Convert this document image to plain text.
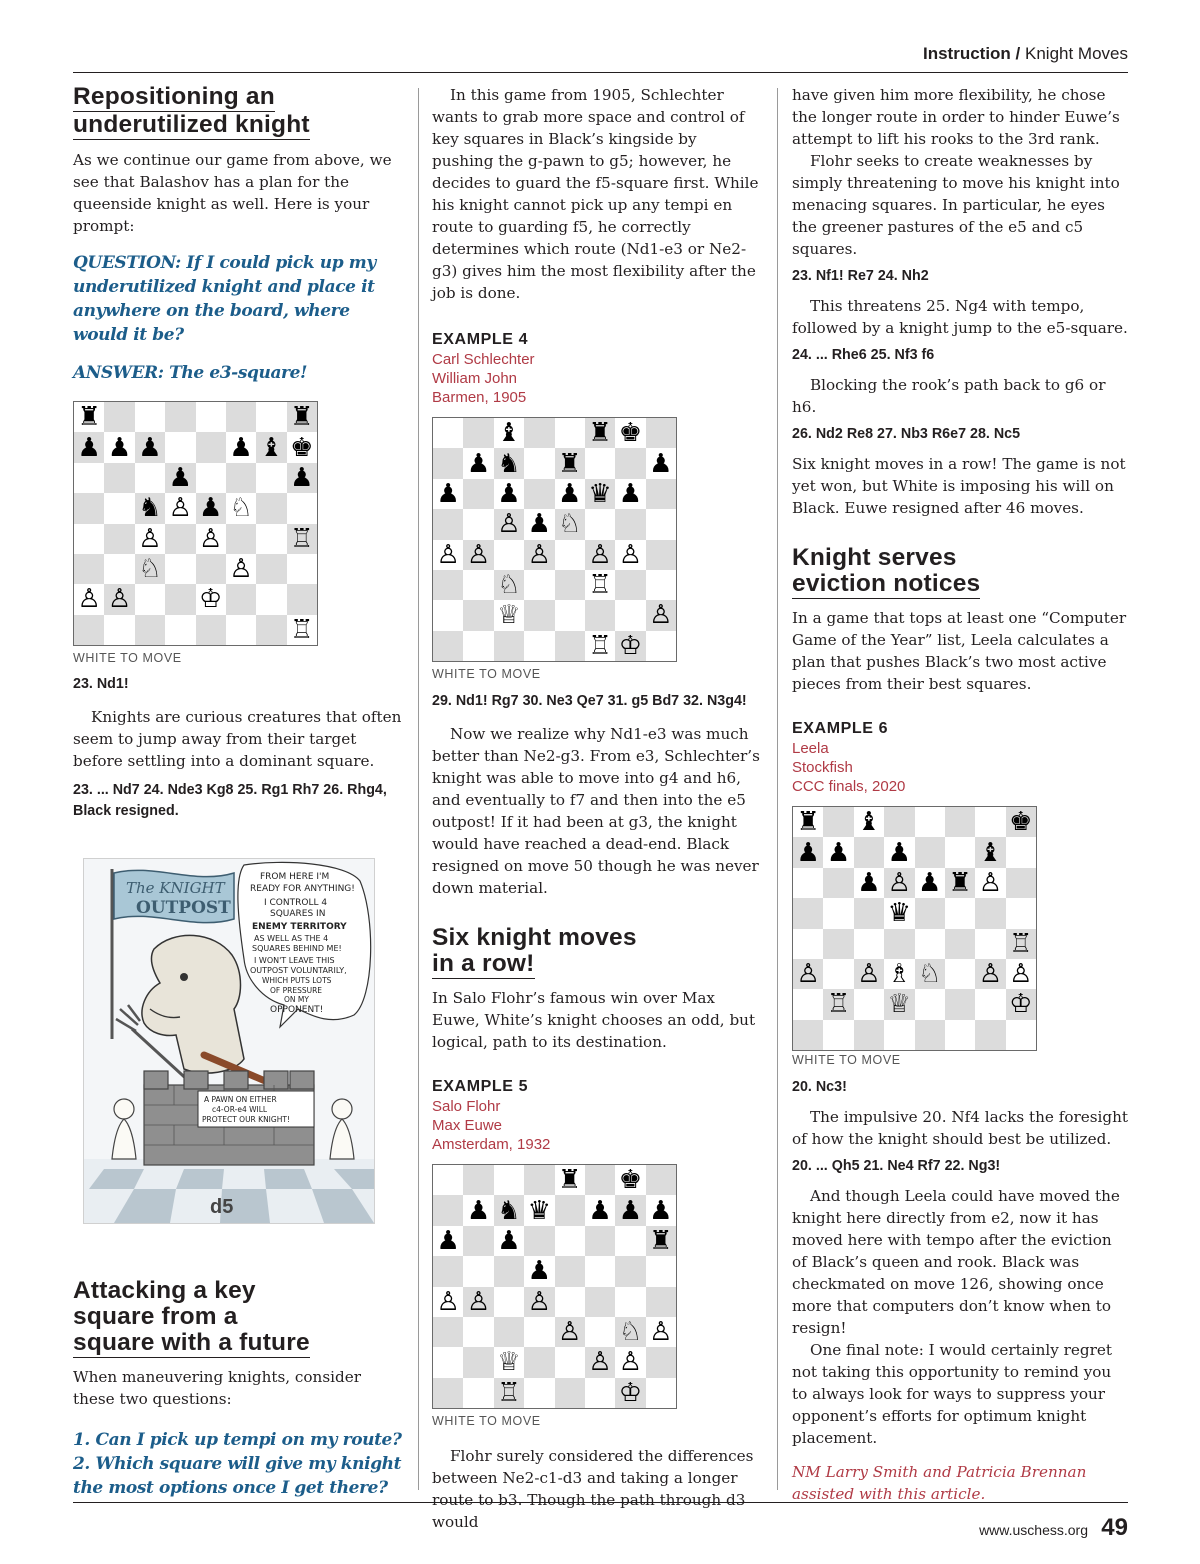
Instruction / Knight Moves
Repositioning an
underutilized knight

As we continue our game from above, we see that Balashov has a plan for the queenside knight as well. Here is your prompt:

QUESTION: If I could pick up my underutilized knight and place it anywhere on the board, where would it be?

ANSWER: The e3-square!

♜	♜
♟ ♟ ♟	♟ ♝ ♚
♟	♟
♞ ♙ ♟ ♘
♙ ♙	♖
♘	♙
♙ ♙	♔
♖
WHITE TO MOVE

23. Nd1!

Knights are curious creatures that often seem to jump away from their target before settling into a dominant square.

23. ... Nd7 24. Nde3 Kg8 25. Rg1 Rh7 26. Rhg4, Black resigned.

The KNIGHT
OUTPOST
FROM HERE I'M
READY FOR ANYTHING!
I CONTROLL 4
SQUARES IN
ENEMY TERRITORY
AS WELL AS THE 4
SQUARES BEHIND ME!
I WON'T LEAVE THIS
OUTPOST VOLUNTARILY,
WHICH PUTS LOTS
OF PRESSURE
ON MY
OPPONENT!
A PAWN ON EITHER
c4-OR-e4 WILL
PROTECT OUR KNIGHT!
d5
Attacking a key
square from a
square with a future

When maneuvering knights, consider these two questions:

1. Can I pick up tempi on my route?

2. Which square will give my knight the most options once I get there?

In this game from 1905, Schlechter wants to grab more space and control of key squares in Black’s kingside by pushing the g-pawn to g5; however, he decides to guard the f5-square first. While his knight cannot pick up any tempi en route to guarding f5, he correctly determines which route (Nd1-e3 or Ne2-g3) gives him the most flexibility after the job is done.

EXAMPLE 4
Carl Schlechter
William John
Barmen, 1905
♝	♜ ♚
♟ ♞ ♜	♟
♟ ♟ ♟ ♛ ♟
♙ ♟ ♘
♙ ♙ ♙ ♙ ♙
♘	♖
♕	♙
♖ ♔
WHITE TO MOVE

29. Nd1! Rg7 30. Ne3 Qe7 31. g5 Bd7 32. N3g4!

Now we realize why Nd1-e3 was much better than Ne2-g3. From e3, Schlechter’s knight was able to move into g4 and h6, and eventually to f7 and then into the e5 outpost! If it had been at g3, the knight would have reached a dead-end. Black resigned on move 50 though he was never down material.

Six knight moves
in a row!

In Salo Flohr’s famous win over Max Euwe, White’s knight chooses an odd, but logical, path to its destination.

EXAMPLE 5
Salo Flohr
Max Euwe
Amsterdam, 1932
♜ ♚
♟ ♞ ♛ ♟ ♟ ♟
♟ ♟	♜
♟
♙ ♙ ♙
♙ ♘ ♙
♕	♙ ♙
♖	♔
WHITE TO MOVE

Flohr surely considered the differences between Ne2-c1-d3 and taking a longer route to b3. Though the path through d3 would

have given him more flexibility, he chose the longer route in order to hinder Euwe’s attempt to lift his rooks to the 3rd rank.

Flohr seeks to create weaknesses by simply threatening to move his knight into menacing squares. In particular, he eyes the greener pastures of the e5 and c5 squares.

23. Nf1! Re7 24. Nh2

This threatens 25. Ng4 with tempo, followed by a knight jump to the e5-square.

24. ... Rhe6 25. Nf3 f6

Blocking the rook’s path back to g6 or h6.

26. Nd2 Re8 27. Nb3 R6e7 28. Nc5

Six knight moves in a row! The game is not yet won, but White is imposing his will on Black. Euwe resigned after 46 moves.

Knight serves
eviction notices

In a game that tops at least one “Computer Game of the Year” list, Leela calculates a plan that pushes Black’s two most active pieces from their best squares.

EXAMPLE 6
Leela
Stockfish
CCC finals, 2020
♜ ♝	♚
♟ ♟ ♟	♝
♟ ♙ ♟ ♜ ♙
♛
♖
♙ ♙ ♗ ♘ ♙ ♙
♖ ♕	♔
WHITE TO MOVE

20. Nc3!

The impulsive 20. Nf4 lacks the foresight of how the knight should best be utilized.

20. ... Qh5 21. Ne4 Rf7 22. Ng3!

And though Leela could have moved the knight here directly from e2, now it has moved here with tempo after the eviction of Black’s queen and rook. Black was checkmated on move 126, showing once more that computers don’t know when to resign!

One final note: I would certainly regret not taking this opportunity to remind you to always look for ways to suppress your opponent’s efforts for optimum knight placement.

NM Larry Smith and Patricia Brennan assisted with this article.

www.uschess.org 49
